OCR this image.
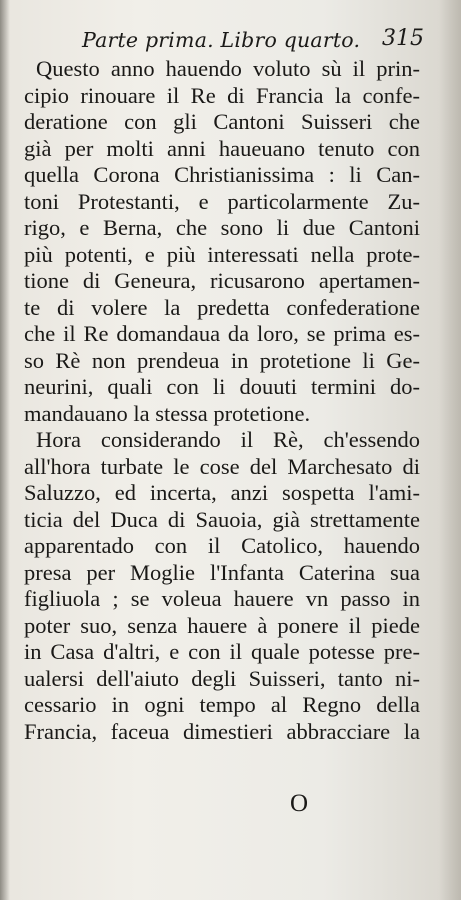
Parte prima. Libro quarto. 315
Questo anno hauendo voluto sù il prin-
cipio rinouare il Re di Francia la confe-
deratione con gli Cantoni Suisseri che
già per molti anni haueuano tenuto con
quella Corona Christianissima : li Can-
toni Protestanti, e particolarmente Zu-
rigo, e Berna, che sono li due Cantoni
più potenti, e più interessati nella prote-
tione di Geneura, ricusarono apertamen-
te di volere la predetta confederatione
che il Re domandaua da loro, se prima es-
so Rè non prendeua in protetione li Ge-
neurini, quali con li douuti termini do-
mandauano la stessa protetione.
Hora considerando il Rè, ch'essendo
all'hora turbate le cose del Marchesato di
Saluzzo, ed incerta, anzi sospetta l'ami-
ticia del Duca di Sauoia, già strettamente
apparentado con il Catolico, hauendo
presa per Moglie l'Infanta Caterina sua
figliuola ; se voleua hauere vn passo in
poter suo, senza hauere à ponere il piede
in Casa d'altri, e con il quale potesse pre-
ualersi dell'aiuto degli Suisseri, tanto ni-
cessario in ogni tempo al Regno della
Francia, faceua dimestieri abbracciare la
O
